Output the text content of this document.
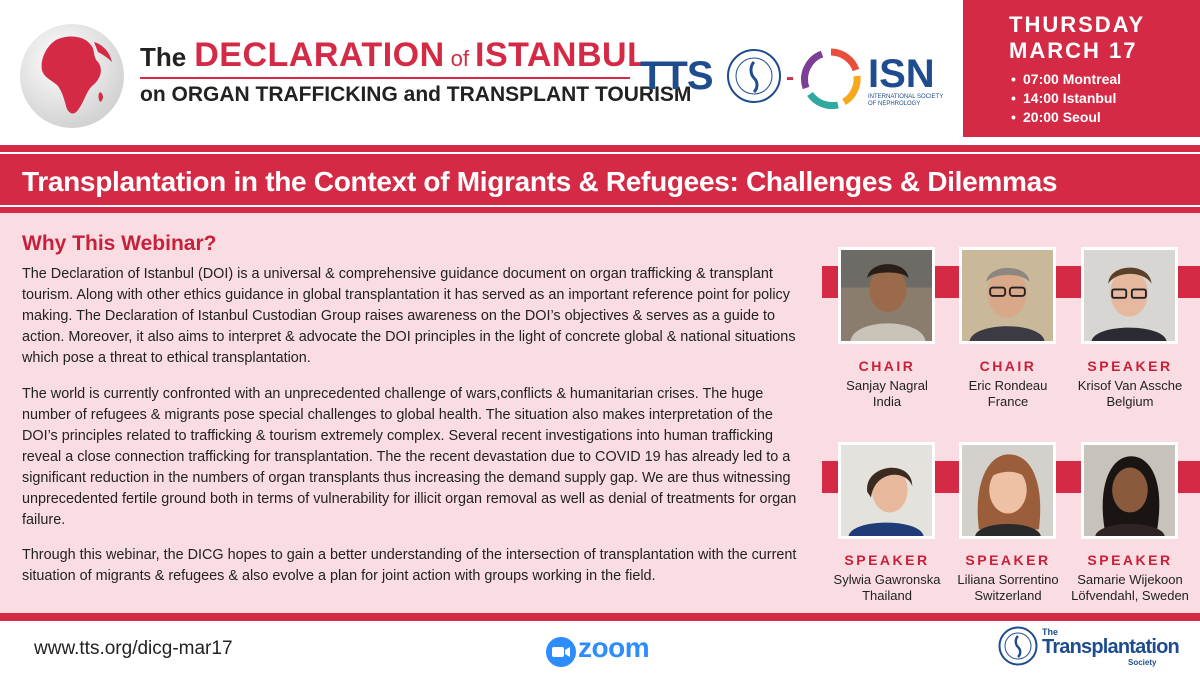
The DECLARATION of ISTANBUL
on ORGAN TRAFFICKING and TRANSPLANT TOURISM
TTS	- ISN
INTERNATIONAL SOCIETY OF NEPHROLOGY
THURSDAY
MARCH 17
• 07:00 Montreal
• 14:00 Istanbul
• 20:00 Seoul
Transplantation in the Context of Migrants & Refugees: Challenges & Dilemmas
Why This Webinar?

The Declaration of Istanbul (DOI) is a universal & comprehensive guidance document on organ trafficking & transplant tourism. Along with other ethics guidance in global transplantation it has served as an important reference point for policy making. The Declaration of Istanbul Custodian Group raises awareness on the DOI’s objectives & serves as a guide to action. Moreover, it also aims to interpret & advocate the DOI principles in the light of concrete global & national situations which pose a threat to ethical transplantation.

The world is currently confronted with an unprecedented challenge of wars,conflicts & humanitarian crises. The huge number of refugees & migrants pose special challenges to global health. The situation also makes interpretation of the DOI’s principles related to trafficking & tourism extremely complex. Several recent investigations into human trafficking reveal a close connection trafficking for transplantation. The the recent devastation due to COVID 19 has already led to a significant reduction in the numbers of organ transplants thus increasing the demand supply gap. We are thus witnessing unprecedented fertile ground both in terms of vulnerability for illicit organ removal as well as denial of treatments for organ failure.

Through this webinar, the DICG hopes to gain a better understanding of the intersection of transplantation with the current situation of migrants & refugees & also evolve a plan for joint action with groups working in the field.

CHAIR
Sanjay Nagral
India
CHAIR
Eric Rondeau
France
SPEAKER
Krisof Van Assche
Belgium
SPEAKER
Sylwia Gawronska
Thailand
SPEAKER
Liliana Sorrentino
Switzerland
SPEAKER
Samarie Wijekoon
Löfvendahl, Sweden
www.tts.org/dicg-mar17	zoom	The
Transplantation
Society
